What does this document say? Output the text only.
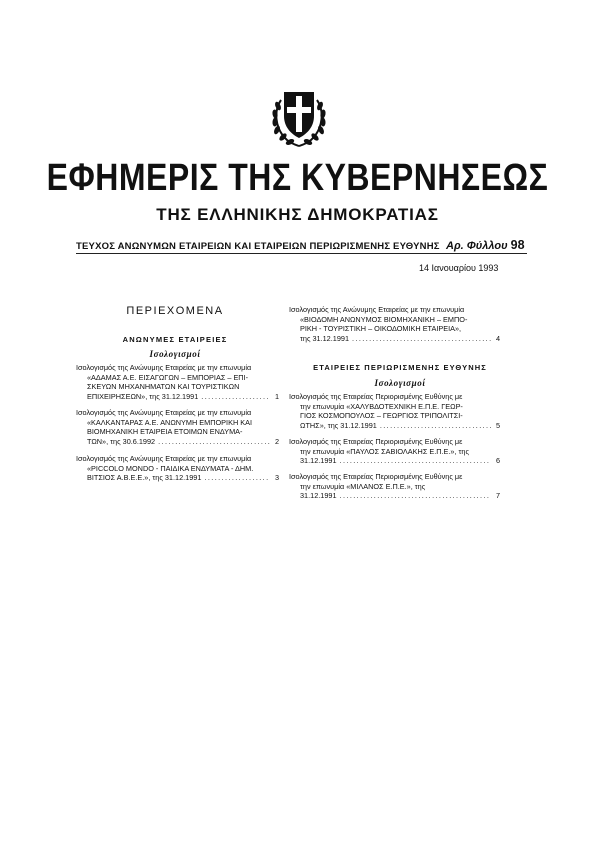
ΕΦΗΜΕΡΙΣ ΤΗΣ ΚΥΒΕΡΝΗΣΕΩΣ
ΤΗΣ ΕΛΛΗΝΙΚΗΣ ΔΗΜΟΚΡΑΤΙΑΣ
ΤΕΥΧΟΣ ΑΝΩΝΥΜΩΝ ΕΤΑΙΡΕΙΩΝ ΚΑΙ ΕΤΑΙΡΕΙΩΝ ΠΕΡΙΩΡΙΣΜΕΝΗΣ ΕΥΘΥΝΗΣ Αρ. Φύλλου 98
14 Ιανουαρίου 1993
ΠΕΡΙΕΧΟΜΕΝΑ
ΑΝΩΝΥΜΕΣ ΕΤΑΙΡΕΙΕΣ
Ισολογισμοί
Ισολογισμός της Ανώνυμης Εταιρείας με την επωνυμία
«ΑΔΑΜΑΣ Α.Ε. ΕΙΣΑΓΩΓΩΝ – ΕΜΠΟΡΙΑΣ – ΕΠΙ-
ΣΚΕΥΩΝ ΜΗΧΑΝΗΜΑΤΩΝ ΚΑΙ ΤΟΥΡΙΣΤΙΚΩΝ
ΕΠΙΧΕΙΡΗΣΕΩΝ», της 31.12.1991 .....	1
Ισολογισμός της Ανώνυμης Εταιρείας με την επωνυμία
«ΚΑΛΚΑΝΤΑΡΑΣ Α.Ε. ΑΝΩΝΥΜΗ ΕΜΠΟΡΙΚΗ ΚΑΙ
ΒΙΟΜΗΧΑΝΙΚΗ ΕΤΑΙΡΕΙΑ ΕΤΟΙΜΩΝ ΕΝΔΥΜΑ-
ΤΩΝ», της 30.6.1992 .....	2
Ισολογισμός της Ανώνυμης Εταιρείας με την επωνυμία
«PICCOLO MONDO - ΠΑΙΔΙΚΑ ΕΝΔΥΜΑΤΑ - ΔΗΜ.
ΒΙΤΣΙΟΣ Α.Β.Ε.Ε.», της 31.12.1991 .....	3
Ισολογισμός της Ανώνυμης Εταιρείας με την επωνυμία
«ΒΙΟΔΟΜΗ ΑΝΩΝΥΜΟΣ ΒΙΟΜΗΧΑΝΙΚΗ – ΕΜΠΟ-
ΡΙΚΗ - ΤΟΥΡΙΣΤΙΚΗ – ΟΙΚΟΔΟΜΙΚΗ ΕΤΑΙΡΕΙΑ»,
της 31.12.1991 .....	4
ΕΤΑΙΡΕΙΕΣ ΠΕΡΙΩΡΙΣΜΕΝΗΣ ΕΥΘΥΝΗΣ
Ισολογισμοί
Ισολογισμός της Εταιρείας Περιορισμένης Ευθύνης με
την επωνυμία «ΧΑΛΥΒΔΟΤΕΧΝΙΚΗ Ε.Π.Ε. ΓΕΩΡ-
ΓΙΟΣ ΚΟΣΜΟΠΟΥΛΟΣ – ΓΕΩΡΓΙΟΣ ΤΡΙΠΟΛΙΤΣΙ-
ΩΤΗΣ», της 31.12.1991 .....	5
Ισολογισμός της Εταιρείας Περιορισμένης Ευθύνης με
την επωνυμία «ΠΑΥΛΟΣ ΣΑΒΙΟΛΑΚΗΣ Ε.Π.Ε.», της
31.12.1991 .....	6
Ισολογισμός της Εταιρείας Περιορισμένης Ευθύνης με
την επωνυμία «ΜΙΛΑΝΟΣ Ε.Π.Ε.», της
31.12.1991 .....	7
